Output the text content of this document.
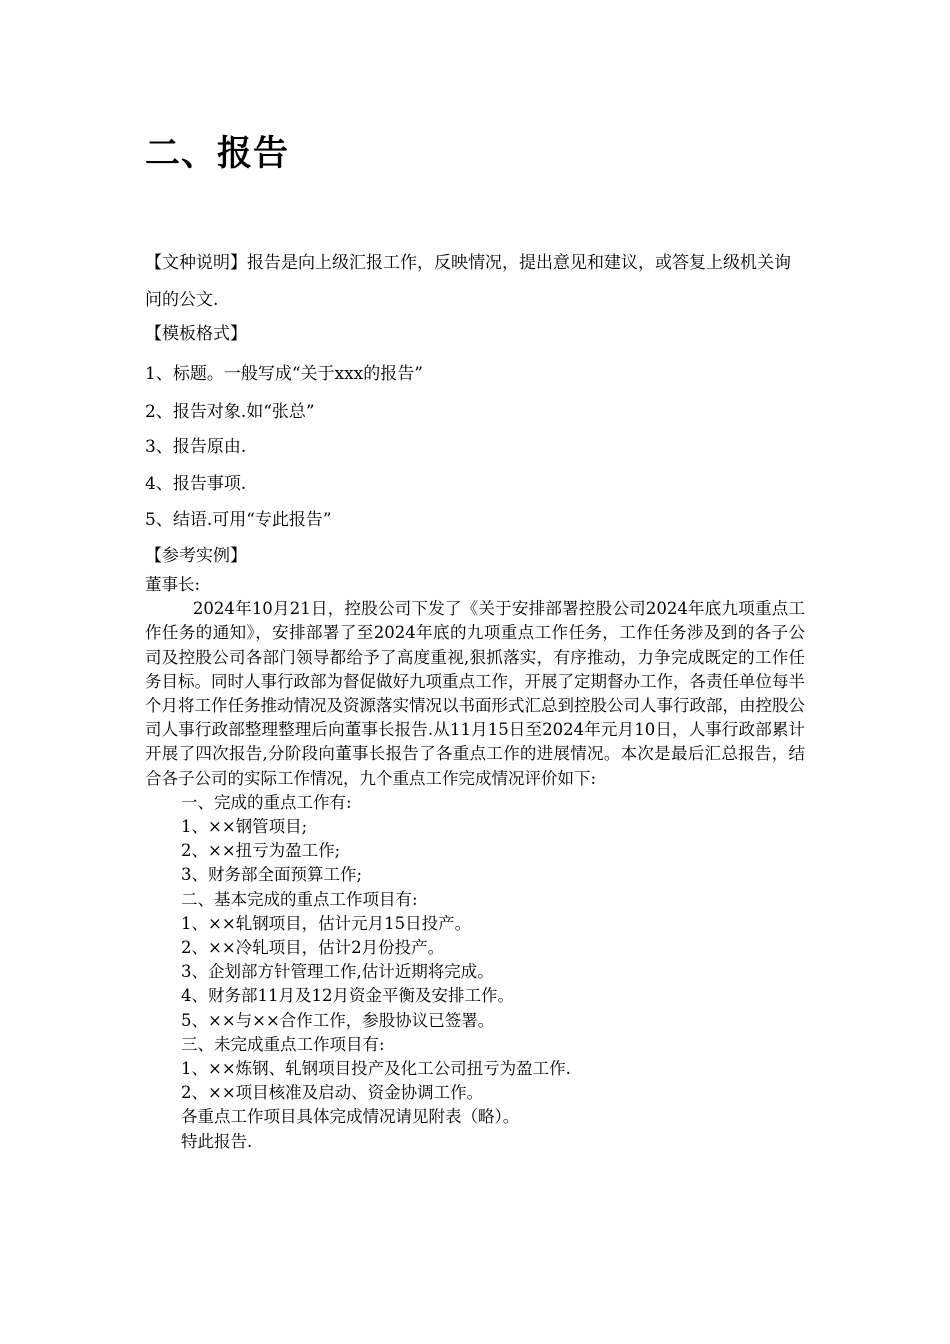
二、报告

【文种说明】报告是向上级汇报工作，反映情况，提出意见和建议，或答复上级机关询问的公文.

【模板格式】
1、标题。一般写成“关于xxx的报告”
2、报告对象.如“张总”
3、报告原由.
4、报告事项.
5、结语.可用“专此报告”
【参考实例】

董事长:

2024年10月21日，控股公司下发了《关于安排部署控股公司2024年底九项重点工作任务的通知》，安排部署了至2024年底的九项重点工作任务，工作任务涉及到的各子公司及控股公司各部门领导都给予了高度重视,狠抓落实，有序推动，力争完成既定的工作任务目标。同时人事行政部为督促做好九项重点工作，开展了定期督办工作，各责任单位每半个月将工作任务推动情况及资源落实情况以书面形式汇总到控股公司人事行政部，由控股公司人事行政部整理整理后向董事长报告.从11月15日至2024年元月10日，人事行政部累计开展了四次报告,分阶段向董事长报告了各重点工作的进展情况。本次是最后汇总报告，结合各子公司的实际工作情况，九个重点工作完成情况评价如下:

一、完成的重点工作有:

1、××钢管项目;

2、××扭亏为盈工作;

3、财务部全面预算工作;

二、基本完成的重点工作项目有:

1、××轧钢项目，估计元月15日投产。

2、××冷轧项目，估计2月份投产。

3、企划部方针管理工作,估计近期将完成。

4、财务部11月及12月资金平衡及安排工作。

5、××与××合作工作，参股协议已签署。

三、未完成重点工作项目有:

1、××炼钢、轧钢项目投产及化工公司扭亏为盈工作.

2、××项目核准及启动、资金协调工作。

各重点工作项目具体完成情况请见附表（略）。

特此报告.
